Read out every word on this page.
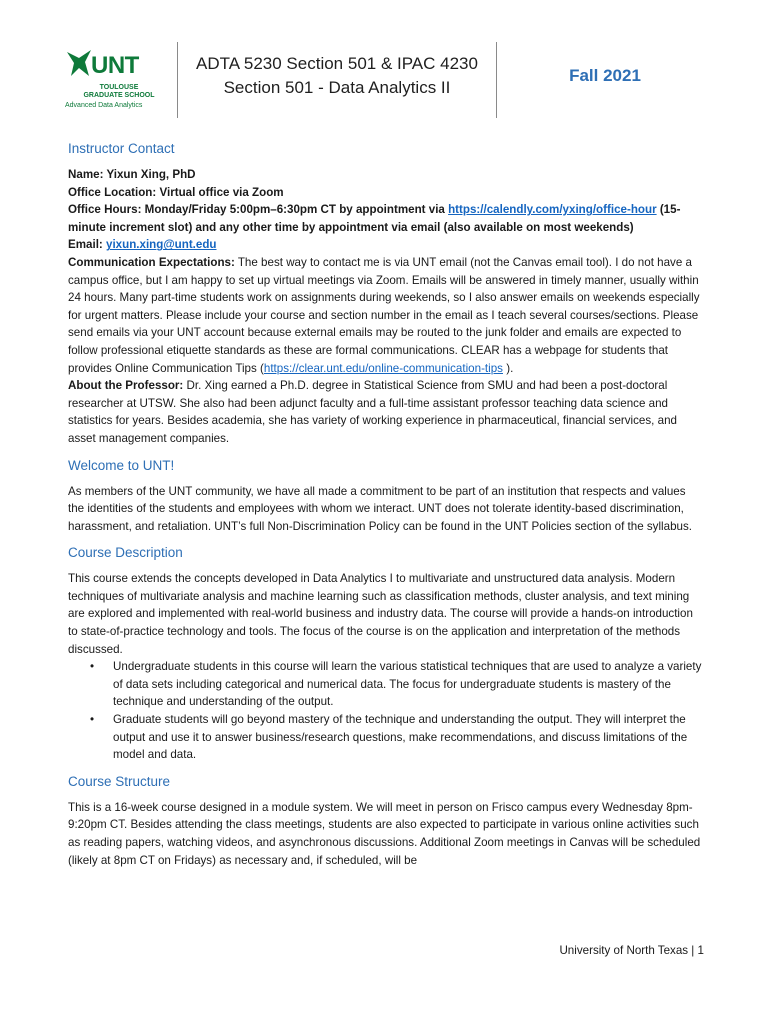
UNT
TOULOUSE GRADUATE SCHOOL
Advanced Data Analytics
ADTA 5230 Section 501 & IPAC 4230
Section 501 - Data Analytics II
Fall 2021
Instructor Contact

Name: Yixun Xing, PhD

Office Location: Virtual office via Zoom

Office Hours: Monday/Friday 5:00pm–6:30pm CT by appointment via https://calendly.com/yxing/office-hour (15-minute increment slot) and any other time by appointment via email (also available on most weekends)

Email: yixun.xing@unt.edu

Communication Expectations: The best way to contact me is via UNT email (not the Canvas email tool). I do not have a campus office, but I am happy to set up virtual meetings via Zoom. Emails will be answered in timely manner, usually within 24 hours. Many part-time students work on assignments during weekends, so I also answer emails on weekends especially for urgent matters. Please include your course and section number in the email as I teach several courses/sections. Please send emails via your UNT account because external emails may be routed to the junk folder and emails are expected to follow professional etiquette standards as these are formal communications. CLEAR has a webpage for students that provides Online Communication Tips (https://clear.unt.edu/online-communication-tips ).

About the Professor: Dr. Xing earned a Ph.D. degree in Statistical Science from SMU and had been a post-doctoral researcher at UTSW. She also had been adjunct faculty and a full-time assistant professor teaching data science and statistics for years. Besides academia, she has variety of working experience in pharmaceutical, financial services, and asset management companies.

Welcome to UNT!

As members of the UNT community, we have all made a commitment to be part of an institution that respects and values the identities of the students and employees with whom we interact. UNT does not tolerate identity-based discrimination, harassment, and retaliation. UNT’s full Non-Discrimination Policy can be found in the UNT Policies section of the syllabus.

Course Description

This course extends the concepts developed in Data Analytics I to multivariate and unstructured data analysis. Modern techniques of multivariate analysis and machine learning such as classification methods, cluster analysis, and text mining are explored and implemented with real-world business and industry data. The course will provide a hands-on introduction to state-of-practice technology and tools. The focus of the course is on the application and interpretation of the methods discussed.

• Undergraduate students in this course will learn the various statistical techniques that are used to analyze a variety of data sets including categorical and numerical data. The focus for undergraduate students is mastery of the technique and understanding of the output.
• Graduate students will go beyond mastery of the technique and understanding the output. They will interpret the output and use it to answer business/research questions, make recommendations, and discuss limitations of the model and data.
Course Structure

This is a 16-week course designed in a module system. We will meet in person on Frisco campus every Wednesday 8pm-9:20pm CT. Besides attending the class meetings, students are also expected to participate in various online activities such as reading papers, watching videos, and asynchronous discussions. Additional Zoom meetings in Canvas will be scheduled (likely at 8pm CT on Fridays) as necessary and, if scheduled, will be

University of North Texas | 1
